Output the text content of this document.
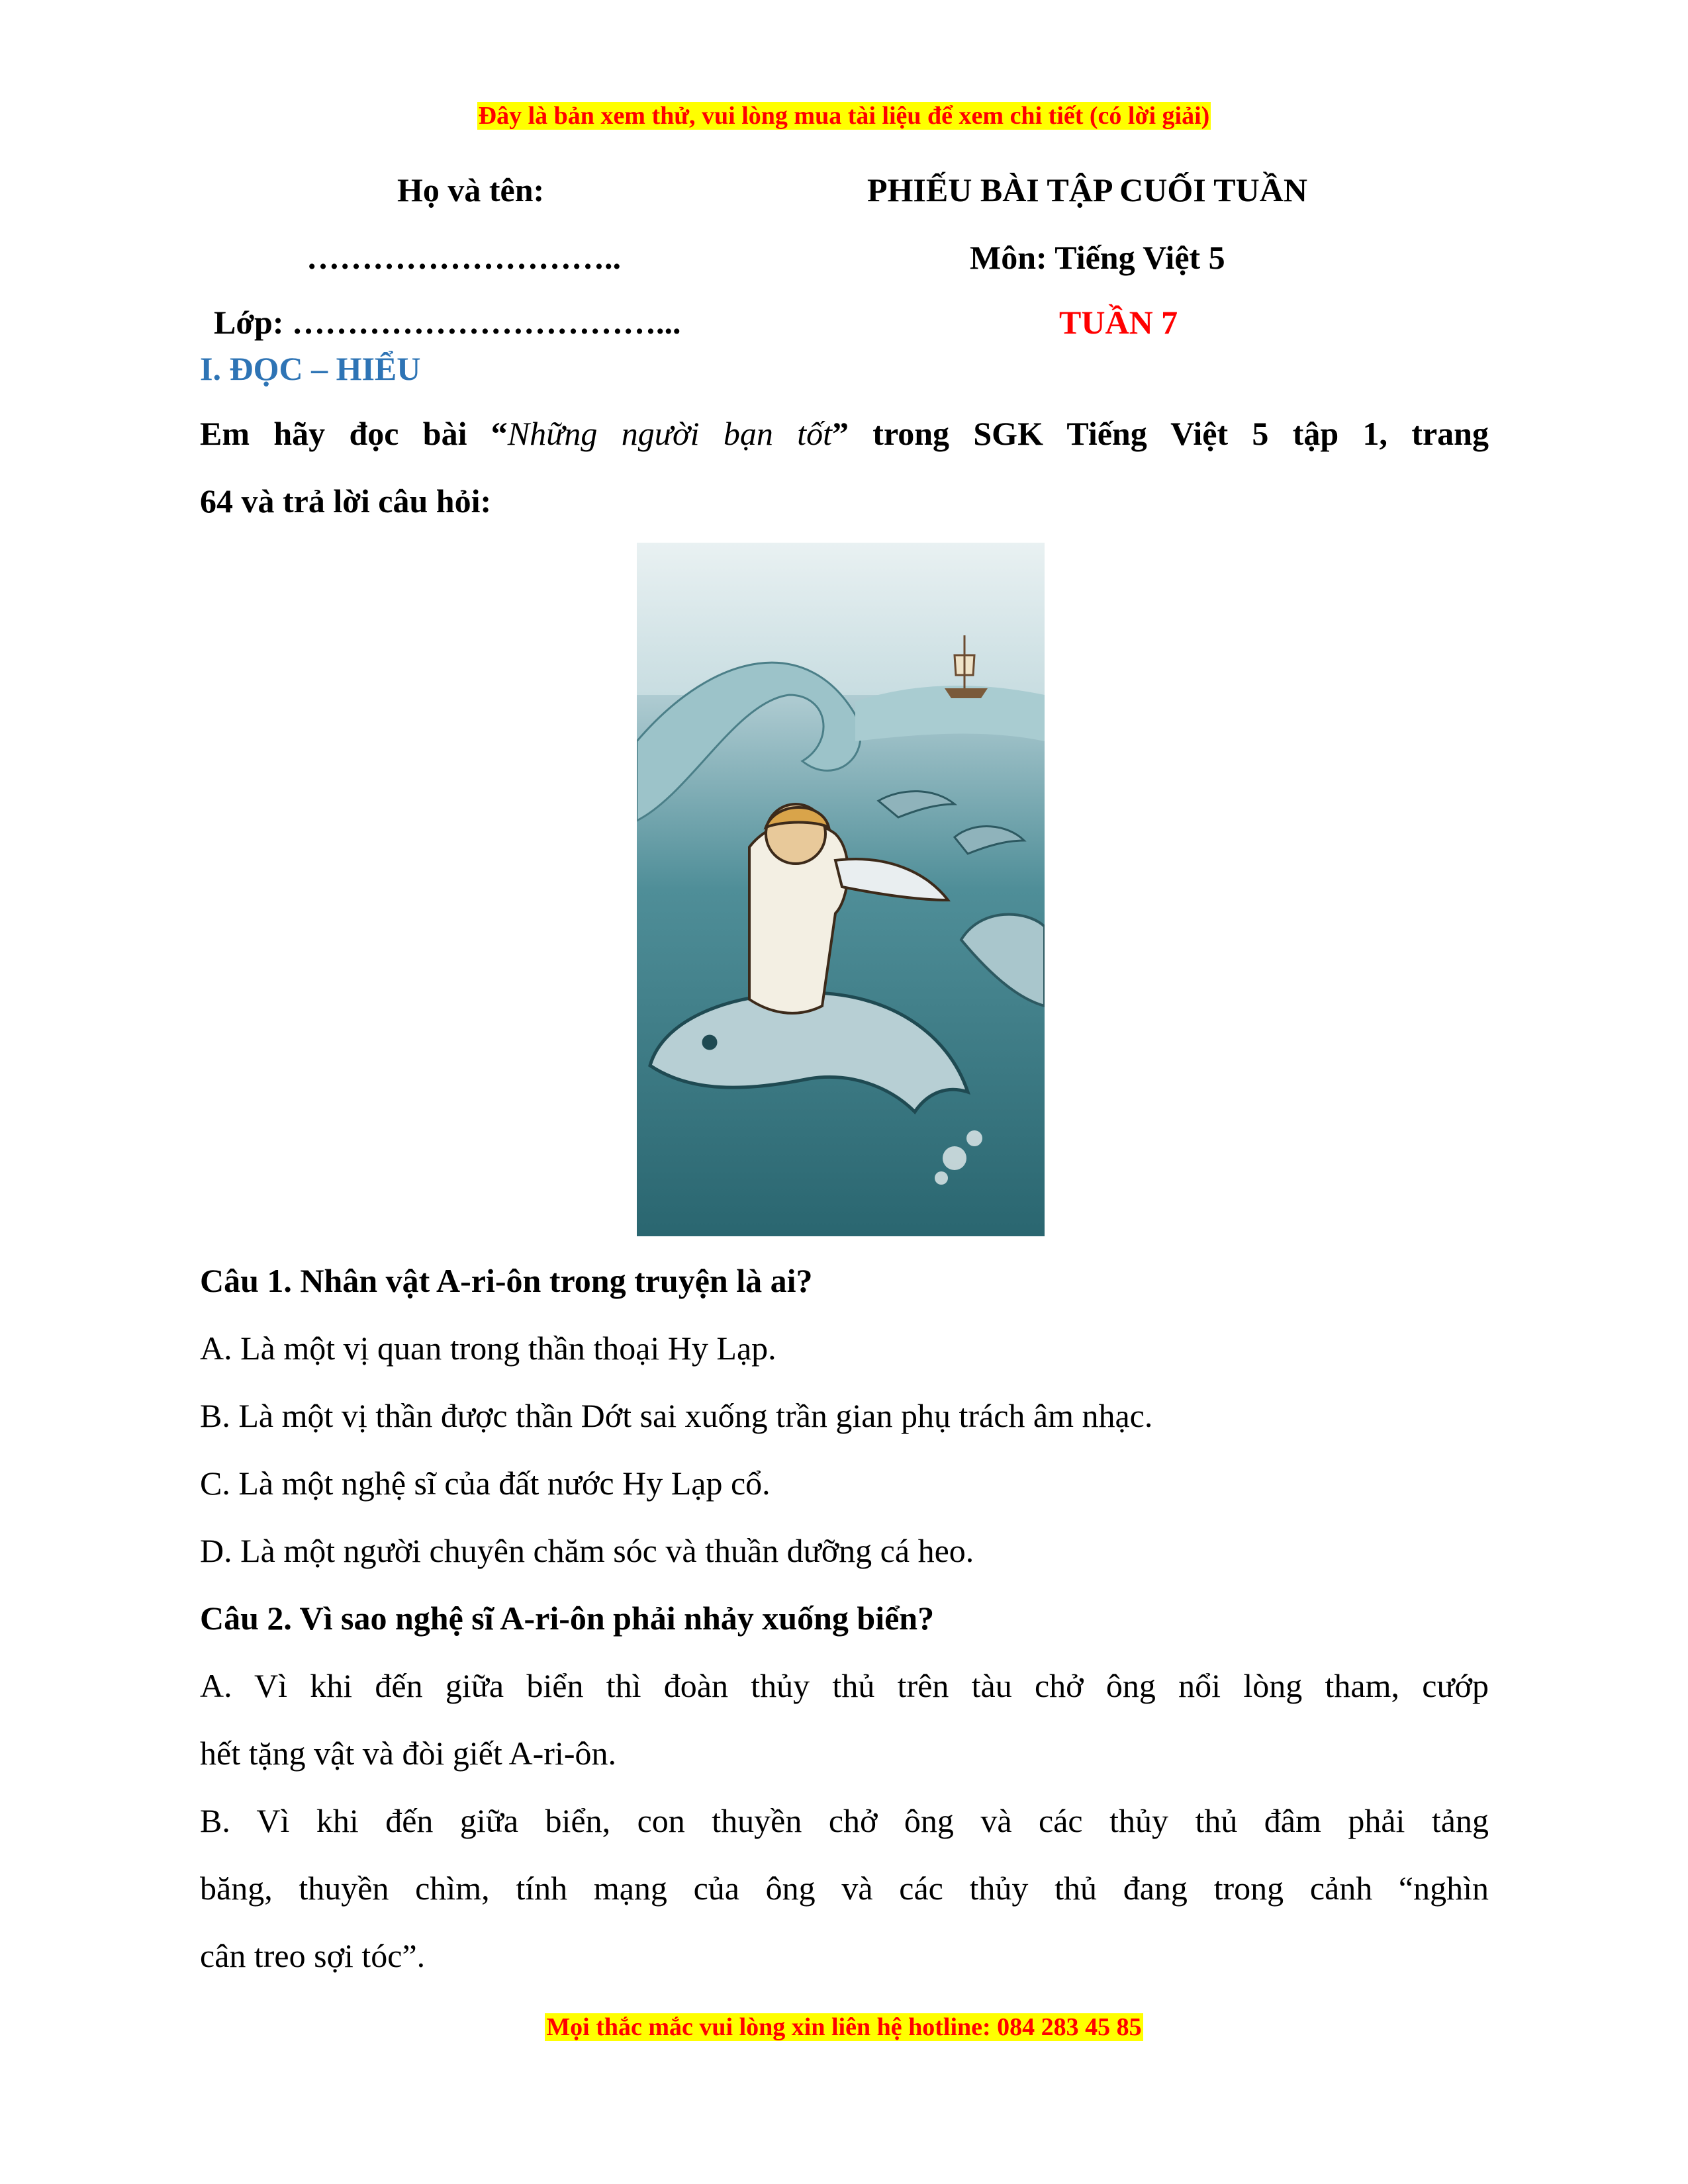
Đây là bản xem thử, vui lòng mua tài liệu để xem chi tiết (có lời giải)
Họ và tên:
………………………..
Lớp: ……………………………...
PHIẾU BÀI TẬP CUỐI TUẦN
Môn: Tiếng Việt 5
TUẦN 7
I. ĐỌC – HIỂU
Em hãy đọc bài “Những người bạn tốt” trong SGK Tiếng Việt 5 tập 1, trang
64 và trả lời câu hỏi:
Câu 1. Nhân vật A-ri-ôn trong truyện là ai?
A. Là một vị quan trong thần thoại Hy Lạp.
B. Là một vị thần được thần Dớt sai xuống trần gian phụ trách âm nhạc.
C. Là một nghệ sĩ của đất nước Hy Lạp cổ.
D. Là một người chuyên chăm sóc và thuần dưỡng cá heo.
Câu 2. Vì sao nghệ sĩ A-ri-ôn phải nhảy xuống biển?
A. Vì khi đến giữa biển thì đoàn thủy thủ trên tàu chở ông nổi lòng tham, cướp
hết tặng vật và đòi giết A-ri-ôn.
B. Vì khi đến giữa biển, con thuyền chở ông và các thủy thủ đâm phải tảng
băng, thuyền chìm, tính mạng của ông và các thủy thủ đang trong cảnh “nghìn
cân treo sợi tóc”.
Mọi thắc mắc vui lòng xin liên hệ hotline: 084 283 45 85
